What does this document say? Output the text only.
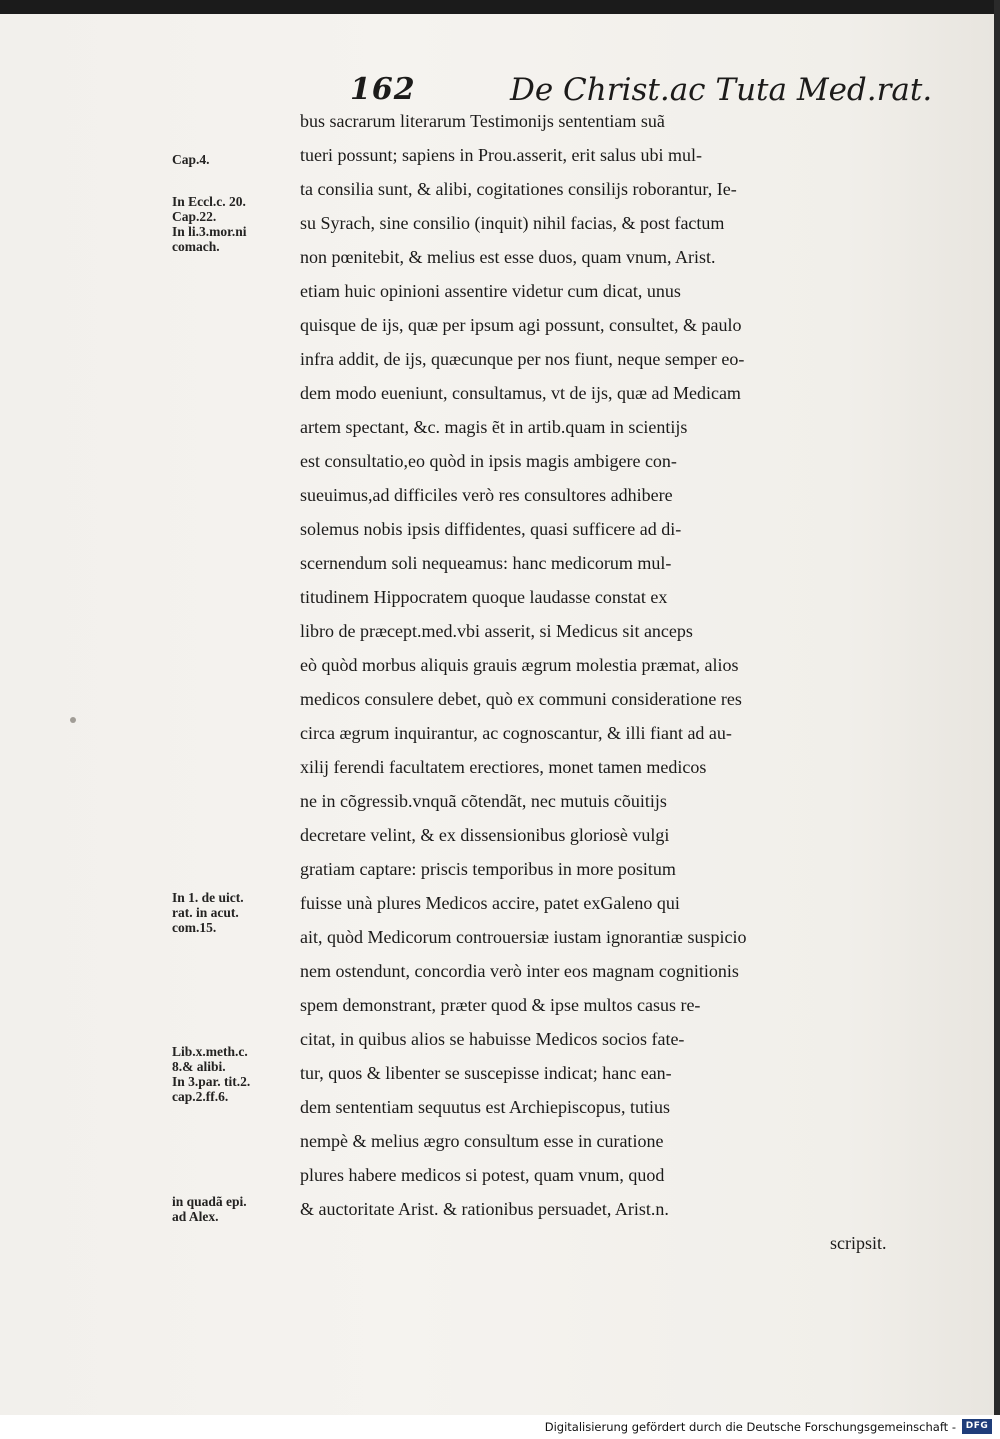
162	De Christ.ac Tuta Med.rat.
Cap.4.
In Eccl.c. 20.
Cap.22.
In li.3.mor.ni
comach.
In 1. de uict.
rat. in acut.
com.15.
Lib.x.meth.c.
8.& alibi.
In 3.par. tit.2.
cap.2.ff.6.
in quadã epi.
ad Alex.
bus sacrarum literarum Testimonijs sententiam suã
tueri possunt; sapiens in Prou.asserit, erit salus ubi mul-
ta consilia sunt, & alibi, cogitationes consilijs roborantur, Ie-
su Syrach, sine consilio (inquit) nihil facias, & post factum
non pœnitebit, & melius est esse duos, quam vnum, Arist.
etiam huic opinioni assentire videtur cum dicat, unus
quisque de ijs, quæ per ipsum agi possunt, consultet, & paulo
infra addit, de ijs, quæcunque per nos fiunt, neque semper eo-
dem modo eueniunt, consultamus, vt de ijs, quæ ad Medicam
artem spectant, &c. magis ẽt in artib.quam in scientijs
est consultatio,eo quòd in ipsis magis ambigere con-
sueuimus,ad difficiles verò res consultores adhibere
solemus nobis ipsis diffidentes, quasi sufficere ad di-
scernendum soli nequeamus: hanc medicorum mul-
titudinem Hippocratem quoque laudasse constat ex
libro de præcept.med.vbi asserit, si Medicus sit anceps
eò quòd morbus aliquis grauis ægrum molestia præmat, alios
medicos consulere debet, quò ex communi consideratione res
circa ægrum inquirantur, ac cognoscantur, & illi fiant ad au-
xilij ferendi facultatem erectiores, monet tamen medicos
ne in cõgressib.vnquã cõtendãt, nec mutuis cõuitijs
decretare velint, & ex dissensionibus gloriosè vulgi
gratiam captare: priscis temporibus in more positum
fuisse unà plures Medicos accire, patet exGaleno qui
ait, quòd Medicorum controuersiæ iustam ignorantiæ suspicio
nem ostendunt, concordia verò inter eos magnam cognitionis
spem demonstrant, præter quod & ipse multos casus re-
citat, in quibus alios se habuisse Medicos socios fate-
tur, quos & libenter se suscepisse indicat; hanc ean-
dem sententiam sequutus est Archiepiscopus, tutius
nempè & melius ægro consultum esse in curatione
plures habere medicos si potest, quam vnum, quod
& auctoritate Arist. & rationibus persuadet, Arist.n.
scripsit.
Digitalisierung gefördert durch die Deutsche Forschungsgemeinschaft -	DFG
